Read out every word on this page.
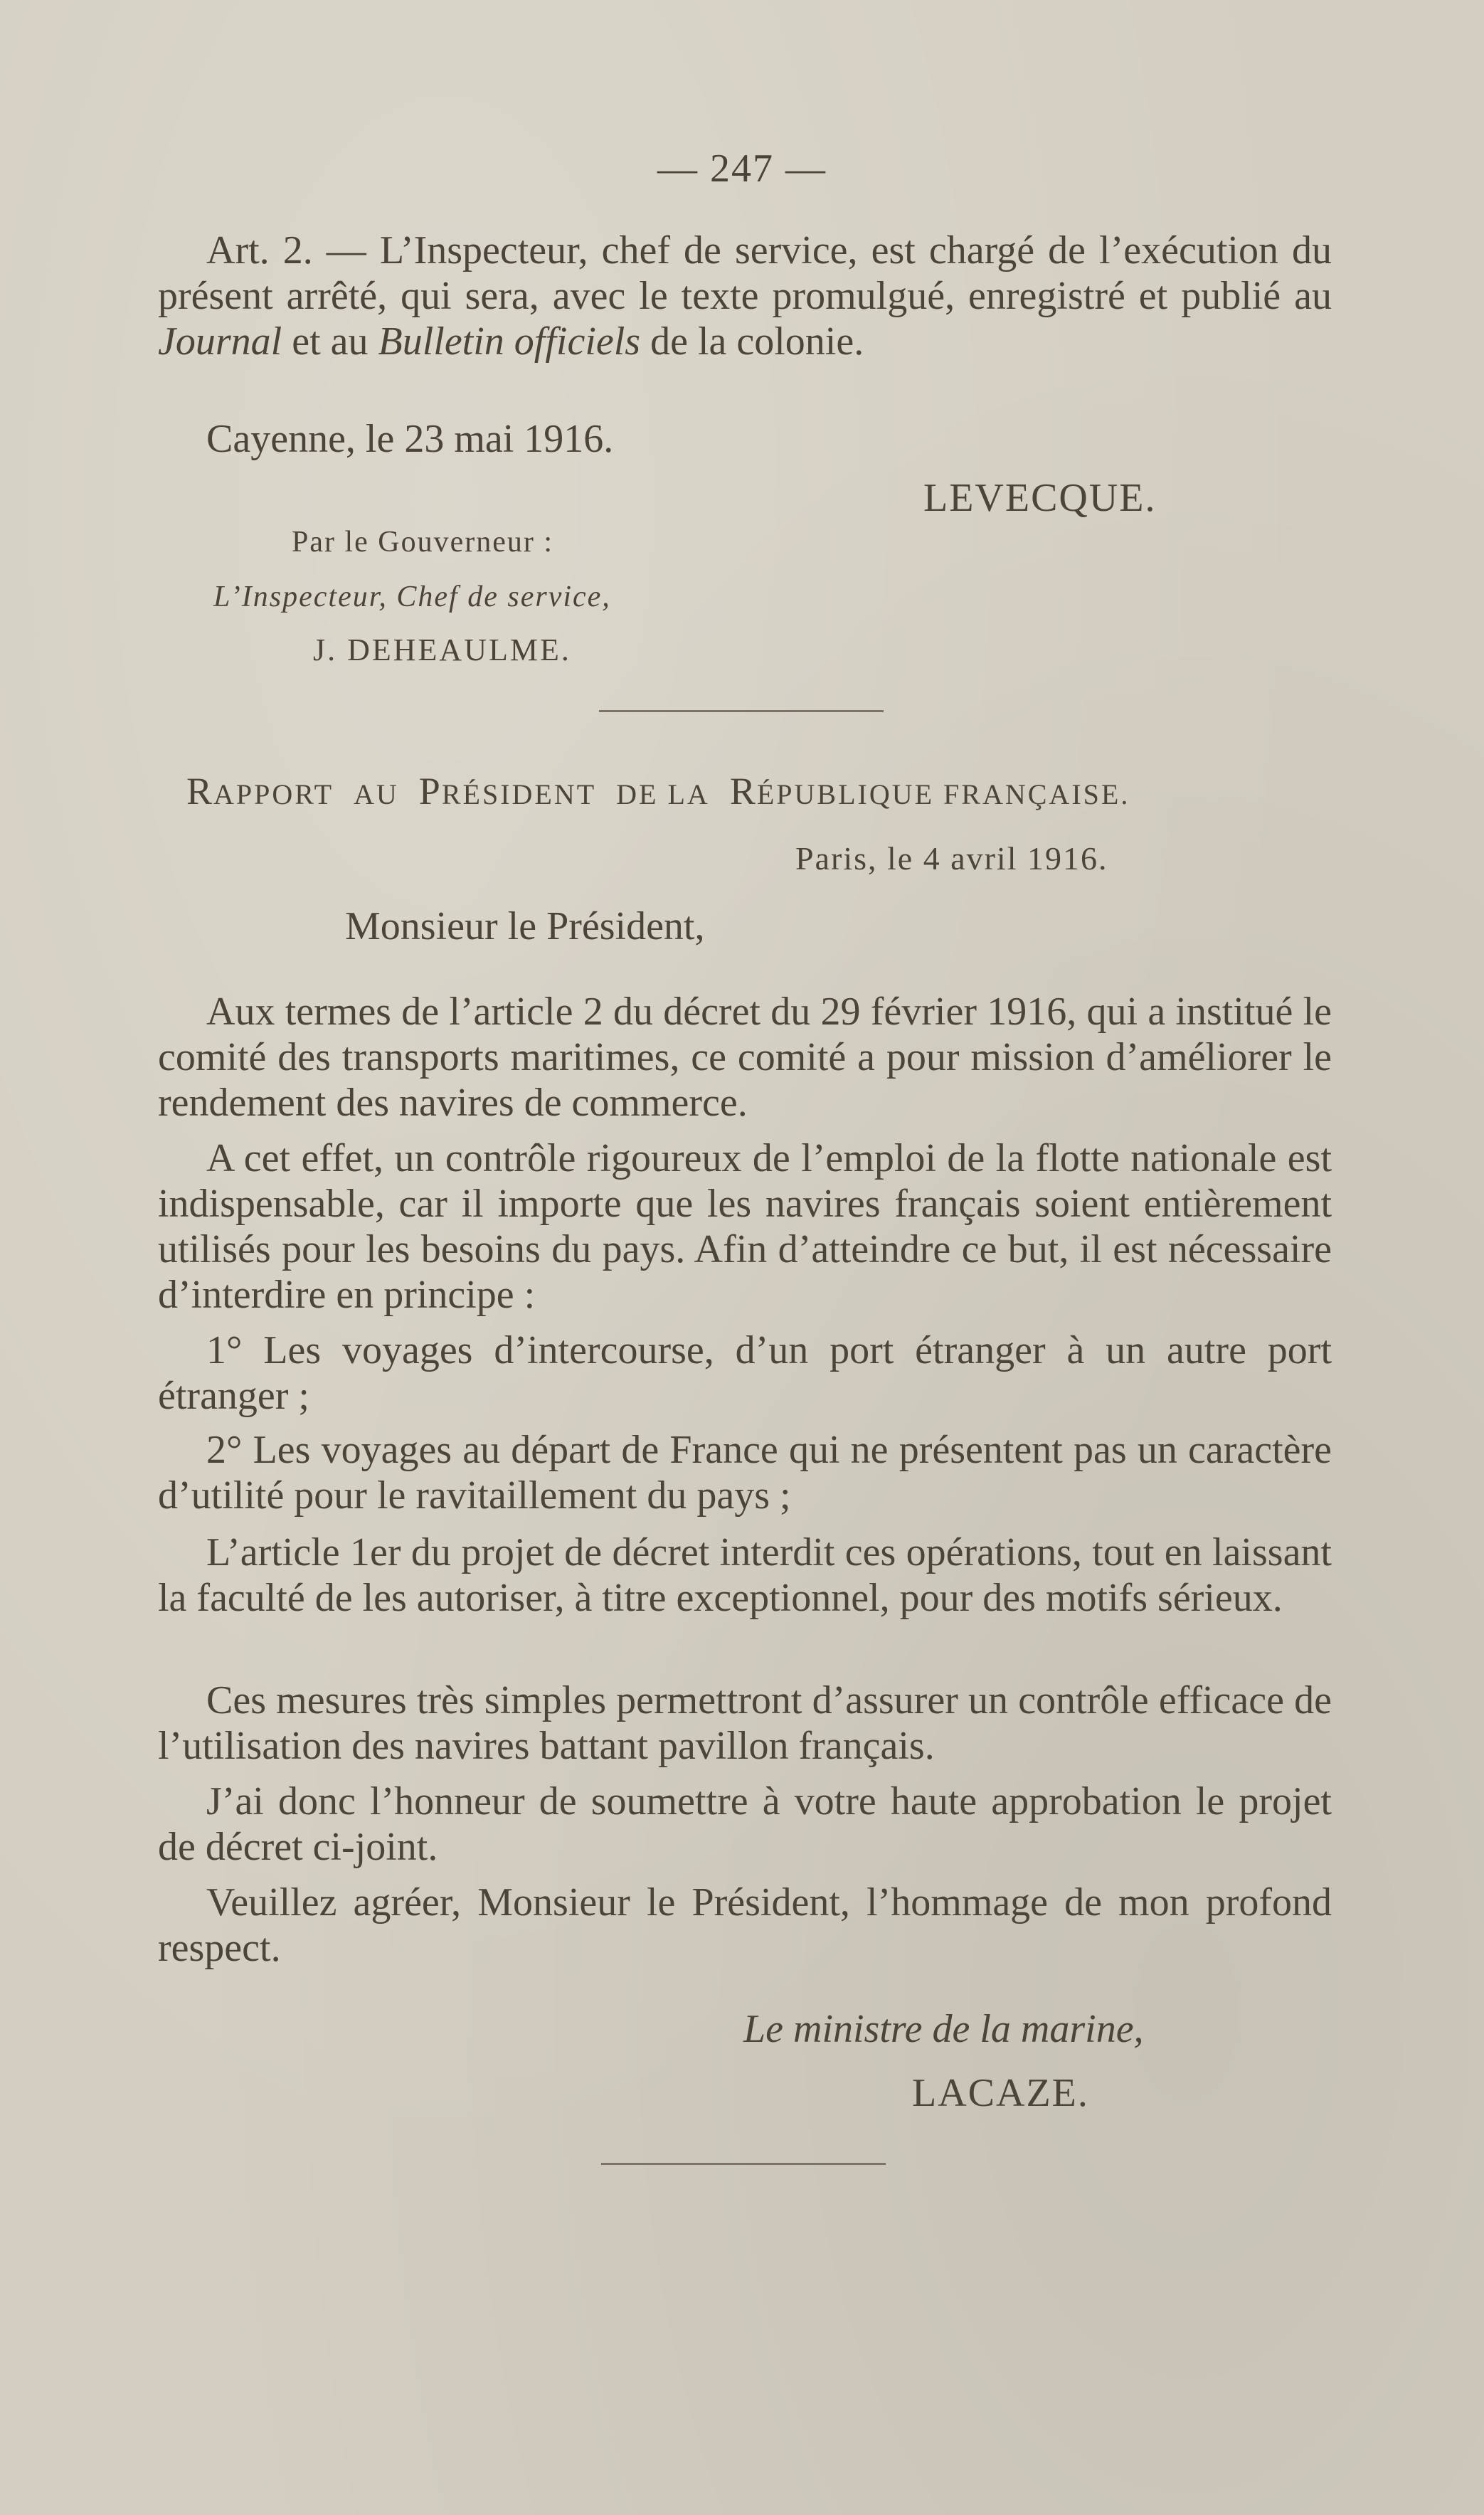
— 247 —
Art. 2. — L’Inspecteur, chef de service, est chargé de l’exécution du présent arrêté, qui sera, avec le texte promulgué, enregistré et publié au Journal et au Bulletin officiels de la colonie.
Cayenne, le 23 mai 1916.
LEVECQUE.
Par le Gouverneur :
L’Inspecteur, Chef de service,
J. DEHEAULME.
RAPPORT AU PRÉSIDENT DE LA RÉPUBLIQUE FRANÇAISE.
Paris, le 4 avril 1916.
Monsieur le Président,
Aux termes de l’article 2 du décret du 29 février 1916, qui a institué le comité des transports maritimes, ce comité a pour mission d’améliorer le rendement des navires de commerce.
A cet effet, un contrôle rigoureux de l’emploi de la flotte nationale est indispensable, car il importe que les navires français soient entièrement utilisés pour les besoins du pays. Afin d’atteindre ce but, il est nécessaire d’interdire en principe :
1° Les voyages d’intercourse, d’un port étranger à un autre port étranger ;
2° Les voyages au départ de France qui ne présentent pas un caractère d’utilité pour le ravitaillement du pays ;
L’article 1er du projet de décret interdit ces opérations, tout en laissant la faculté de les autoriser, à titre exceptionnel, pour des motifs sérieux.
Ces mesures très simples permettront d’assurer un contrôle efficace de l’utilisation des navires battant pavillon français.
J’ai donc l’honneur de soumettre à votre haute approbation le projet de décret ci-joint.
Veuillez agréer, Monsieur le Président, l’hommage de mon profond respect.
Le ministre de la marine,
LACAZE.
